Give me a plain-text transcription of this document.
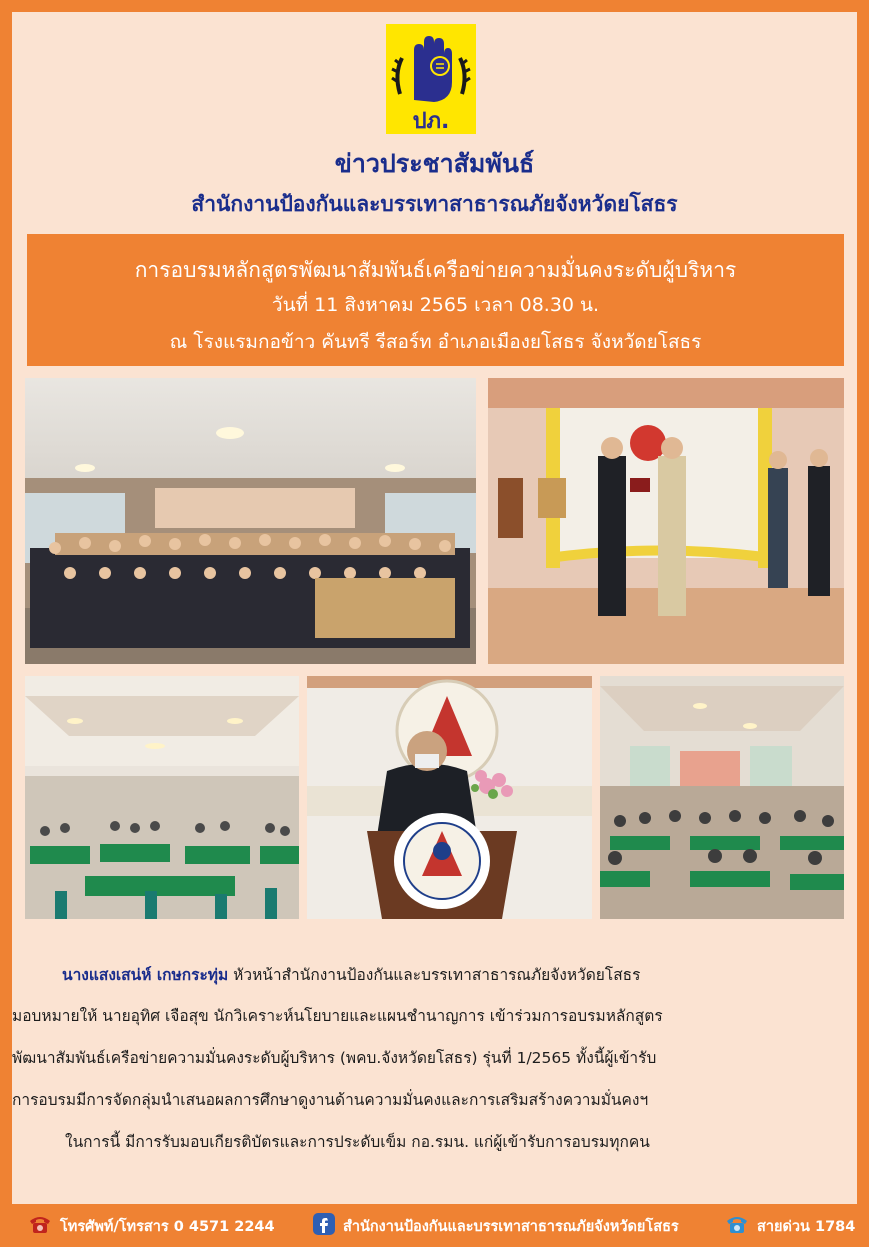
ปภ.
ข่าวประชาสัมพันธ์
สำนักงานป้องกันและบรรเทาสาธารณภัยจังหวัดยโสธร
การอบรมหลักสูตรพัฒนาสัมพันธ์เครือข่ายความมั่นคงระดับผู้บริหาร
วันที่ 11 สิงหาคม 2565 เวลา 08.30 น.
ณ โรงแรมกอข้าว คันทรี รีสอร์ท อำเภอเมืองยโสธร จังหวัดยโสธร
นางแสงเสน่ห์ เกษกระทุ่ม หัวหน้าสำนักงานป้องกันและบรรเทาสาธารณภัยจังหวัดยโสธร
มอบหมายให้ นายอุทิศ เจือสุข นักวิเคราะห์นโยบายและแผนชำนาญการ เข้าร่วมการอบรมหลักสูตร
พัฒนาสัมพันธ์เครือข่ายความมั่นคงระดับผู้บริหาร (พคบ.จังหวัดยโสธร) รุ่นที่ 1/2565 ทั้งนี้ผู้เข้ารับ
การอบรมมีการจัดกลุ่มนำเสนอผลการศึกษาดูงานด้านความมั่นคงและการเสริมสร้างความมั่นคงฯ
ในการนี้ มีการรับมอบเกียรติบัตรและการประดับเข็ม กอ.รมน. แก่ผู้เข้ารับการอบรมทุกคน
โทรศัพท์/โทรสาร 0 4571 2244	สำนักงานป้องกันและบรรเทาสาธารณภัยจังหวัดยโสธร	สายด่วน 1784
